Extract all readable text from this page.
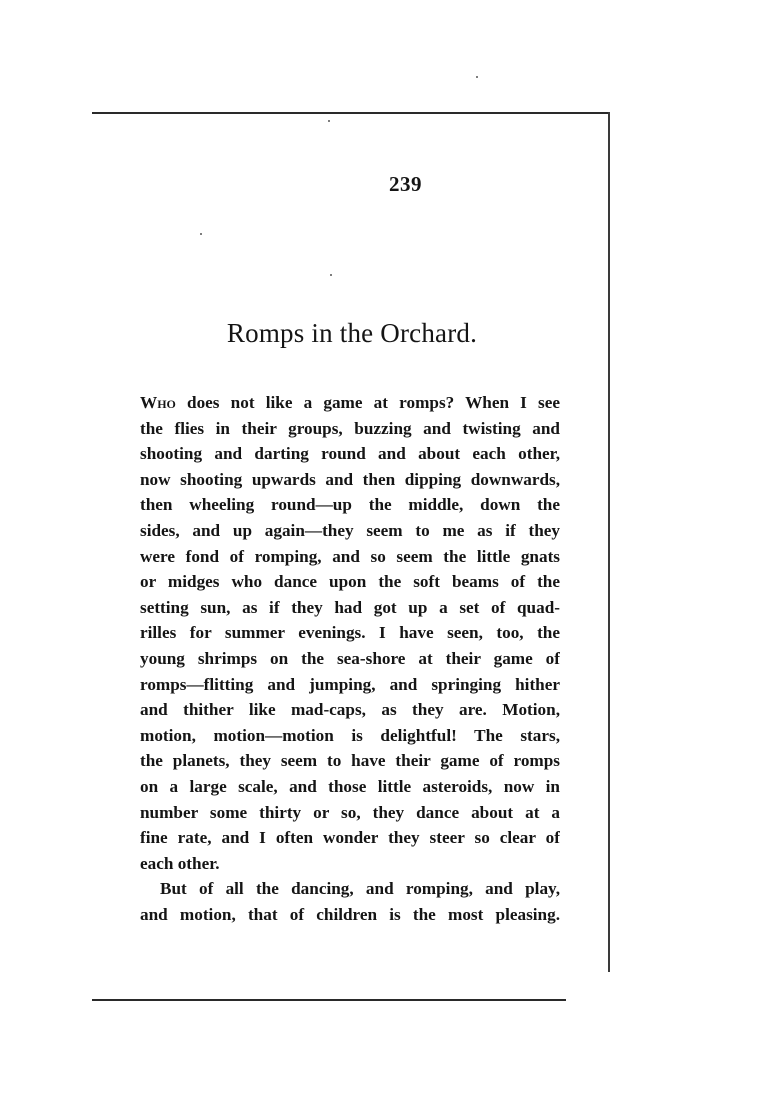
239
Romps in the Orchard.
Who does not like a game at romps? When I see
the flies in their groups, buzzing and twisting and
shooting and darting round and about each other,
now shooting upwards and then dipping downwards,
then wheeling round—up the middle, down the
sides, and up again—they seem to me as if they
were fond of romping, and so seem the little gnats
or midges who dance upon the soft beams of the
setting sun, as if they had got up a set of quad-
rilles for summer evenings. I have seen, too, the
young shrimps on the sea-shore at their game of
romps—flitting and jumping, and springing hither
and thither like mad-caps, as they are. Motion,
motion, motion—motion is delightful! The stars,
the planets, they seem to have their game of romps
on a large scale, and those little asteroids, now in
number some thirty or so, they dance about at a
fine rate, and I often wonder they steer so clear of
each other.
But of all the dancing, and romping, and play,
and motion, that of children is the most pleasing.
